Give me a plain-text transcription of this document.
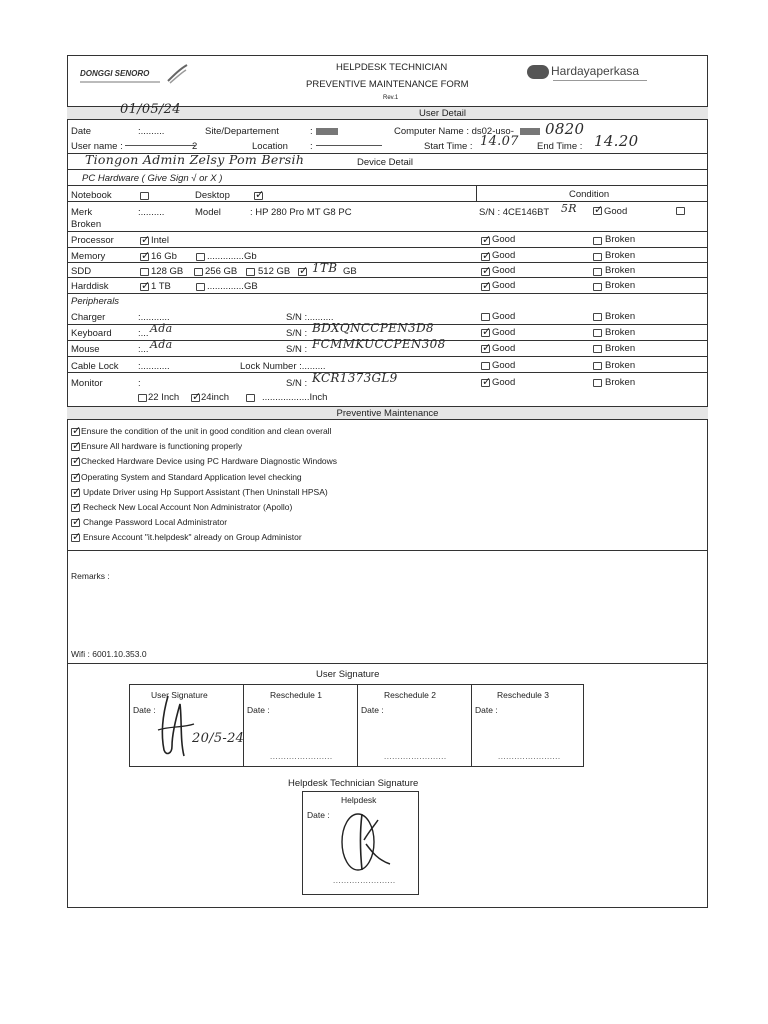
DONGGI SENORO
HELPDESK TECHNICIAN
PREVENTIVE MAINTENANCE FORM
Rev.1
Hardayaperkasa
User Detail
01/05/24
Date	:.........	Site/Departement	:	Computer Name : ds02-uso- 0820
User name :	2	Location :	Start Time : 14.07 End Time : 14.20
Tiongon Admin Zelsy Pom Bersih	Device Detail
PC Hardware ( Give Sign √ or X )
Notebook	Desktop ✓	Condition
Merk	:.........	Model	: HP 280 Pro MT G8 PC	S/N : 4CE146BT 5R ✓ Good
Broken
Processor ✓ Intel	✓ Good	Broken
Memory	✓ 16 Gb	..............Gb	✓ Good	Broken
SDD	128 GB 256 GB 512 GB ✓ 1TB GB	✓ Good	Broken
Harddisk	✓ 1 TB	..............GB	✓ Good	Broken
Peripherals
Charger	:...........	S/N :..........	Good	Broken
Keyboard	:... Ada	S/N : BDXQNCCPEN3D8	✓ Good	Broken
Mouse	:... Ada	S/N : FCMMKUCCPEN308	✓ Good	Broken
Cable Lock :...........	Lock Number :.........	Good	Broken
Monitor	:	S/N : KCR1373GL9	✓ Good	Broken
22 Inch ✓ 24inch	..................Inch
Preventive Maintenance
✓ Ensure the condition of the unit in good condition and clean overall
✓ Ensure All hardware is functioning properly
✓ Checked Hardware Device using PC Hardware Diagnostic Windows
✓ Operating System and Standard Application level checking
✓ Update Driver using Hp Support Assistant (Then Uninstall HPSA)
✓ Recheck New Local Account Non Administrator (Apollo)
✓ Change Password Local Administrator
✓ Ensure Account "it.helpdesk" already on Group Administor
Remarks :
Wifi : 6001.10.353.0
User Signature
User Signature	Reschedule 1	Reschedule 2	Reschedule 3
Date :	Date :	Date :	Date :
20/5-24
.......................	.......................	.......................
Helpdesk Technician Signature
Helpdesk
Date :
.......................
